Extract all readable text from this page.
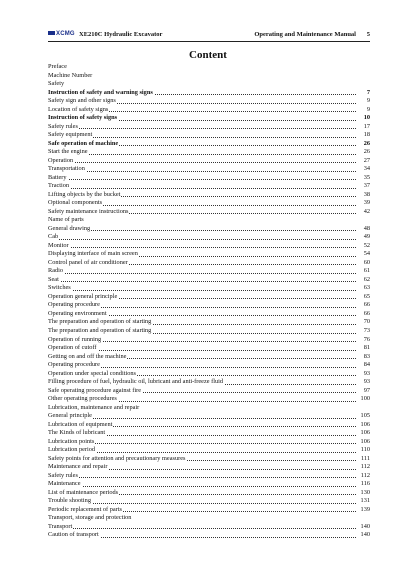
XCMG XE210C Hydraulic Excavator	Operating and Maintenance Manual 5
Content
Preface
Machine Number
Safety
Instruction of safety and warning signs	7
Safety sign and other signs	9
Location of safety signs	9
Instruction of safety signs	10
Safety rules	17
Safety equipment	18
Safe operation of machine	26
Start the engine	26
Operation	27
Transportation	34
Battery	35
Traction	37
Lifting objects by the bucket	38
Optional components	39
Safety maintenance instructions	42
Name of parts
General drawing	48
Cab	49
Monitor	52
Displaying interface of main screen	54
Control panel of air conditioner	60
Radio	61
Seat	62
Switches	63
Operation general principle	65
Operating procedure	66
Operating environment	66
The preparation and operation of starting	70
The preparation and operation of starting	73
Operation of running	76
Operation of cutoff	81
Getting on and off the machine	83
Operating procedure	84
Operation under special conditions	93
Filling procedure of fuel, hydraulic oil, lubricant and anti-freeze fluid	93
Safe operating procedure against fire	97
Other operating procedures	100
Lubrication, maintenance and repair
General principle	105
Lubrication of equipment	106
The Kinds of lubricant	106
Lubrication points	106
Lubrication period	110
Safety points for attention and precautionary measures	111
Maintenance and repair	112
Safety rules	112
Maintenance	116
List of maintenance periods	130
Trouble shooting	131
Periodic replacement of parts	139
Transport, storage and protection
Transport	140
Caution of transport	140
